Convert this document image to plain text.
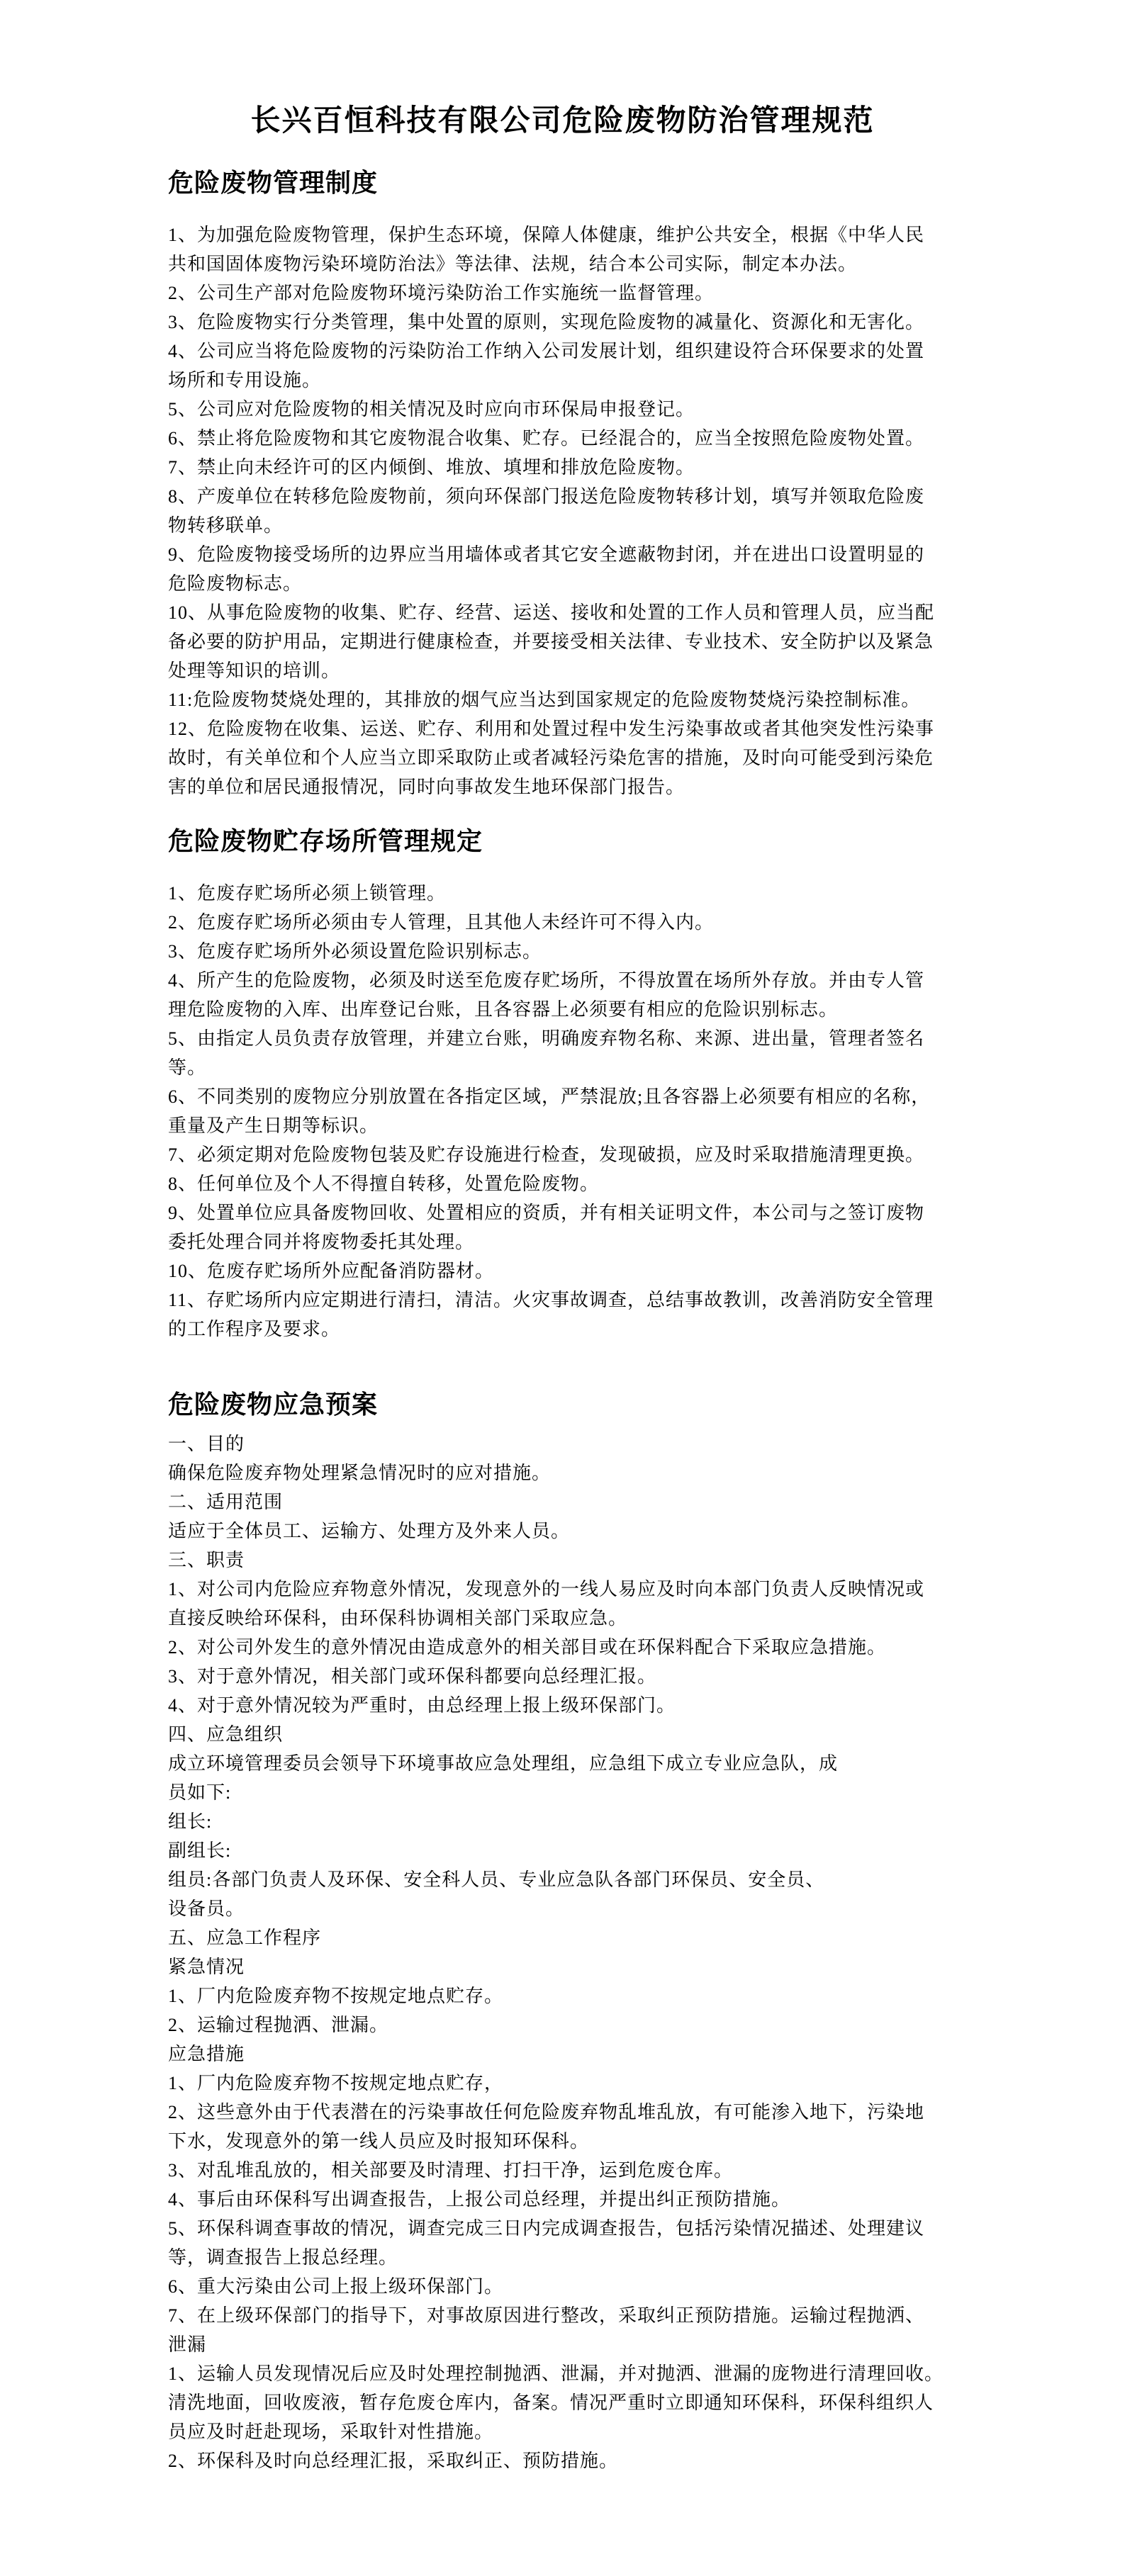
长兴百恒科技有限公司危险废物防治管理规范
危险废物管理制度

1、为加强危险废物管理，保护生态环境，保障人体健康，维护公共安全，根据《中华人民

共和国固体废物污染环境防治法》等法律、法规，结合本公司实际，制定本办法。

2、公司生产部对危险废物环境污染防治工作实施统一监督管理。

3、危险废物实行分类管理，集中处置的原则，实现危险废物的减量化、资源化和无害化。

4、公司应当将危险废物的污染防治工作纳入公司发展计划，组织建设符合环保要求的处置

场所和专用设施。

5、公司应对危险废物的相关情况及时应向市环保局申报登记。

6、禁止将危险废物和其它废物混合收集、贮存。已经混合的，应当全按照危险废物处置。

7、禁止向未经许可的区内倾倒、堆放、填埋和排放危险废物。

8、产废单位在转移危险废物前，须向环保部门报送危险废物转移计划，填写并领取危险废

物转移联单。

9、危险废物接受场所的边界应当用墙体或者其它安全遮蔽物封闭，并在进出口设置明显的

危险废物标志。

10、从事危险废物的收集、贮存、经营、运送、接收和处置的工作人员和管理人员，应当配

备必要的防护用品，定期进行健康检查，并要接受相关法律、专业技术、安全防护以及紧急

处理等知识的培训。

11:危险废物焚烧处理的，其排放的烟气应当达到国家规定的危险废物焚烧污染控制标准。

12、危险废物在收集、运送、贮存、利用和处置过程中发生污染事故或者其他突发性污染事

故时，有关单位和个人应当立即采取防止或者减轻污染危害的措施，及时向可能受到污染危

害的单位和居民通报情况，同时向事故发生地环保部门报告。

危险废物贮存场所管理规定

1、危废存贮场所必须上锁管理。

2、危废存贮场所必须由专人管理，且其他人未经许可不得入内。

3、危废存贮场所外必须设置危险识别标志。

4、所产生的危险废物，必须及时送至危废存贮场所，不得放置在场所外存放。并由专人管

理危险废物的入库、出库登记台账，且各容器上必须要有相应的危险识别标志。

5、由指定人员负责存放管理，并建立台账，明确废弃物名称、来源、进出量，管理者签名

等。

6、不同类别的废物应分别放置在各指定区域，严禁混放;且各容器上必须要有相应的名称，

重量及产生日期等标识。

7、必须定期对危险废物包装及贮存设施进行检查，发现破损，应及时采取措施清理更换。

8、任何单位及个人不得擅自转移，处置危险废物。

9、处置单位应具备废物回收、处置相应的资质，并有相关证明文件，本公司与之签订废物

委托处理合同并将废物委托其处理。

10、危废存贮场所外应配备消防器材。

11、存贮场所内应定期进行清扫，清洁。火灾事故调查，总结事故教训，改善消防安全管理

的工作程序及要求。

危险废物应急预案

一、目的

确保危险废弃物处理紧急情况时的应对措施。

二、适用范围

适应于全体员工、运输方、处理方及外来人员。

三、职责

1、对公司内危险应弃物意外情况，发现意外的一线人易应及时向本部门负责人反映情况或

直接反映给环保科，由环保科协调相关部门采取应急。

2、对公司外发生的意外情况由造成意外的相关部目或在环保料配合下采取应急措施。

3、对于意外情况，相关部门或环保科都要向总经理汇报。

4、对于意外情况较为严重时，由总经理上报上级环保部门。

四、应急组织

成立环境管理委员会领导下环境事故应急处理组，应急组下成立专业应急队，成

员如下:

组长:

副组长:

组员:各部门负责人及环保、安全科人员、专业应急队各部门环保员、安全员、

设备员。

五、应急工作程序

紧急情况

1、厂内危险废弃物不按规定地点贮存。

2、运输过程抛洒、泄漏。

应急措施

1、厂内危险废弃物不按规定地点贮存，

2、这些意外由于代表潜在的污染事故任何危险废弃物乱堆乱放，有可能渗入地下，污染地

下水，发现意外的第一线人员应及时报知环保科。

3、对乱堆乱放的，相关部要及时清理、打扫干净，运到危废仓库。

4、事后由环保科写出调查报告，上报公司总经理，并提出纠正预防措施。

5、环保科调查事故的情况，调查完成三日内完成调查报告，包括污染情况描述、处理建议

等，调查报告上报总经理。

6、重大污染由公司上报上级环保部门。

7、在上级环保部门的指导下，对事故原因进行整改，采取纠正预防措施。运输过程抛洒、

泄漏

1、运输人员发现情况后应及时处理控制抛洒、泄漏，并对抛洒、泄漏的庞物进行清理回收。

清洗地面，回收废液，暂存危废仓库内，备案。情况严重时立即通知环保科，环保科组织人

员应及时赶赴现场，采取针对性措施。

2、环保科及时向总经理汇报，采取纠正、预防措施。
